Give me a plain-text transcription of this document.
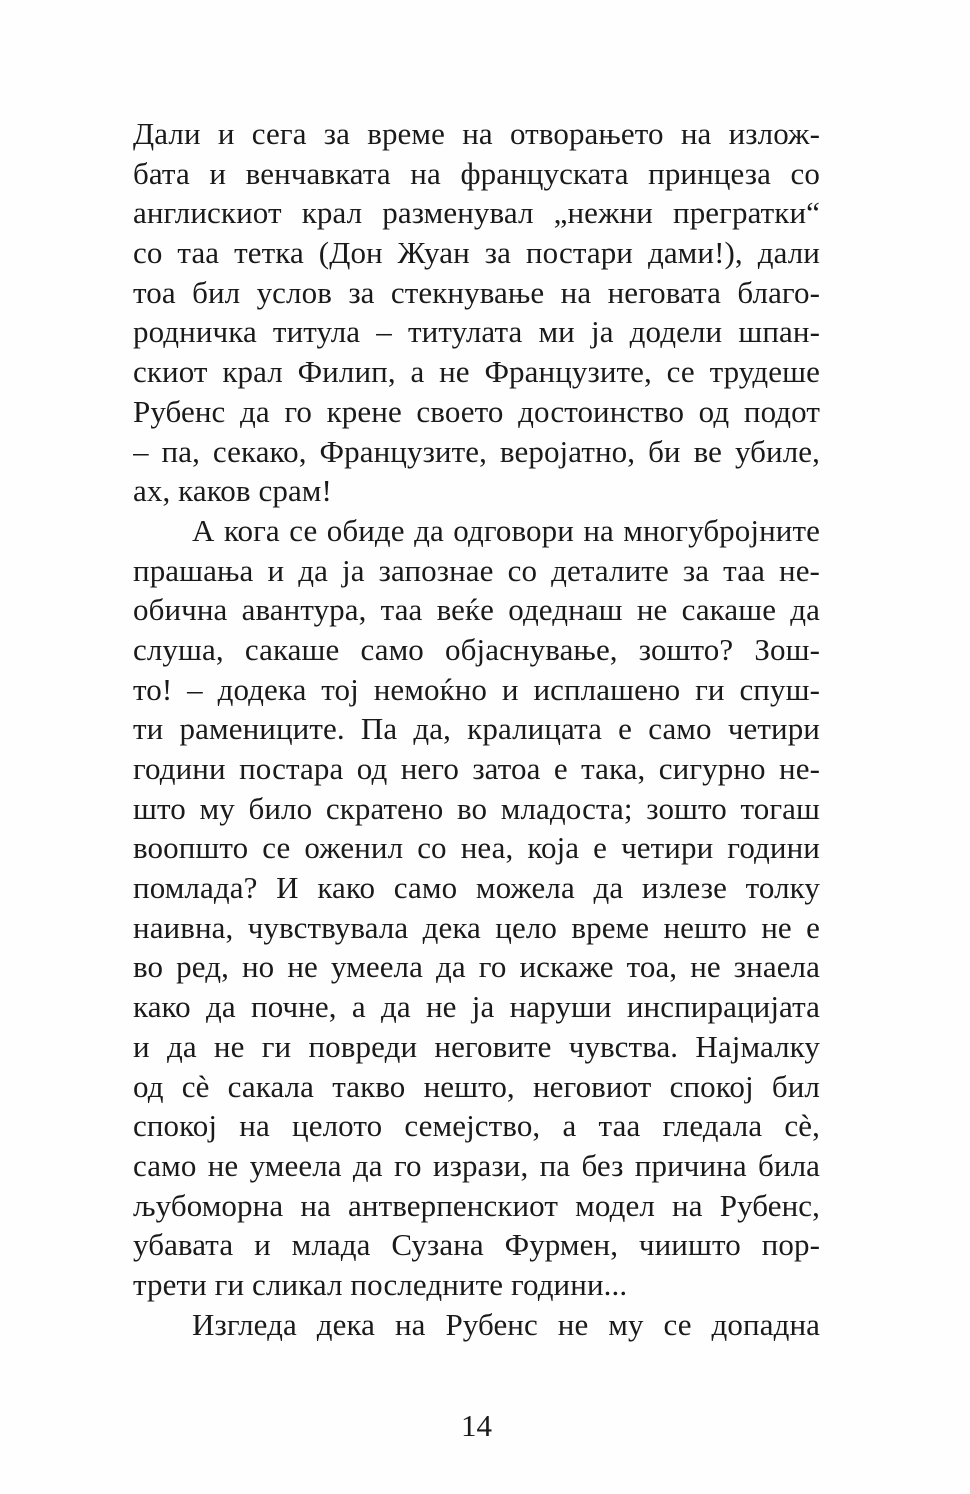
Дали и сега за време на отворањето на излож-
бата и венчавката на француската принцеза со
англискиот крал разменувал „нежни прегратки“
со таа тетка (Дон Жуан за постари дами!), дали
тоа бил услов за стекнување на неговата благо-
родничка титула – титулата ми ја додели шпан-
скиот крал Филип, а не Французите, се трудеше
Рубенс да го крене своето достоинство од подот
– па, секако, Французите, веројатно, би ве убиле,
ах, каков срам!
А кога се обиде да одговори на многубројните
прашања и да ја запознае со деталите за таа не-
обична авантура, таа веќе одеднаш не сакаше да
слуша, сакаше само објаснување, зошто? Зош-
то! – додека тој немоќно и исплашено ги спуш-
ти рамениците. Па да, кралицата е само четири
години постара од него затоа е така, сигурно не-
што му било скратено во младоста; зошто тогаш
воопшто се оженил со неа, која е четири години
помлада? И како само можела да излезе толку
наивна, чувствувала дека цело време нешто не е
во ред, но не умеела да го искаже тоа, не знаела
како да почне, а да не ја наруши инспирацијата
и да не ги повреди неговите чувства. Најмалку
од сè сакала такво нешто, неговиот спокој бил
спокој на целото семејство, а таа гледала сè,
само не умеела да го изрази, па без причина била
љубоморна на антверпенскиот модел на Рубенс,
убавата и млада Сузана Фурмен, чиишто пор-
трети ги сликал последните години...
Изгледа дека на Рубенс не му се допадна
14
